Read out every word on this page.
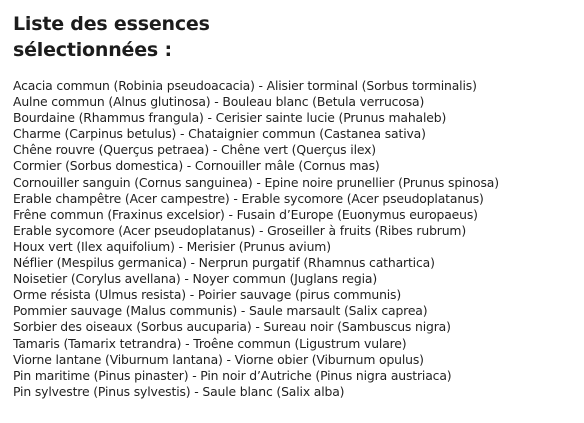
Liste des essences
sélectionnées :
Acacia commun (Robinia pseudoacacia) - Alisier torminal (Sorbus torminalis)
Aulne commun (Alnus glutinosa) - Bouleau blanc (Betula verrucosa)
Bourdaine (Rhammus frangula) - Cerisier sainte lucie (Prunus mahaleb)
Charme (Carpinus betulus) - Chataignier commun (Castanea sativa)
Chêne rouvre (Querçus petraea) - Chêne vert (Querçus ilex)
Cormier (Sorbus domestica) - Cornouiller mâle (Cornus mas)
Cornouiller sanguin (Cornus sanguinea) - Epine noire prunellier (Prunus spinosa)
Erable champêtre (Acer campestre) - Erable sycomore (Acer pseudoplatanus)
Frêne commun (Fraxinus excelsior) - Fusain d’Europe (Euonymus europaeus)
Erable sycomore (Acer pseudoplatanus) - Groseiller à fruits (Ribes rubrum)
Houx vert (Ilex aquifolium) - Merisier (Prunus avium)
Néflier (Mespilus germanica) - Nerprun purgatif (Rhamnus cathartica)
Noisetier (Corylus avellana) - Noyer commun (Juglans regia)
Orme résista (Ulmus resista) - Poirier sauvage (pirus communis)
Pommier sauvage (Malus communis) - Saule marsault (Salix caprea)
Sorbier des oiseaux (Sorbus aucuparia) - Sureau noir (Sambuscus nigra)
Tamaris (Tamarix tetrandra) - Troêne commun (Ligustrum vulare)
Viorne lantane (Viburnum lantana) - Viorne obier (Viburnum opulus)
Pin maritime (Pinus pinaster) - Pin noir d’Autriche (Pinus nigra austriaca)
Pin sylvestre (Pinus sylvestis) - Saule blanc (Salix alba)
